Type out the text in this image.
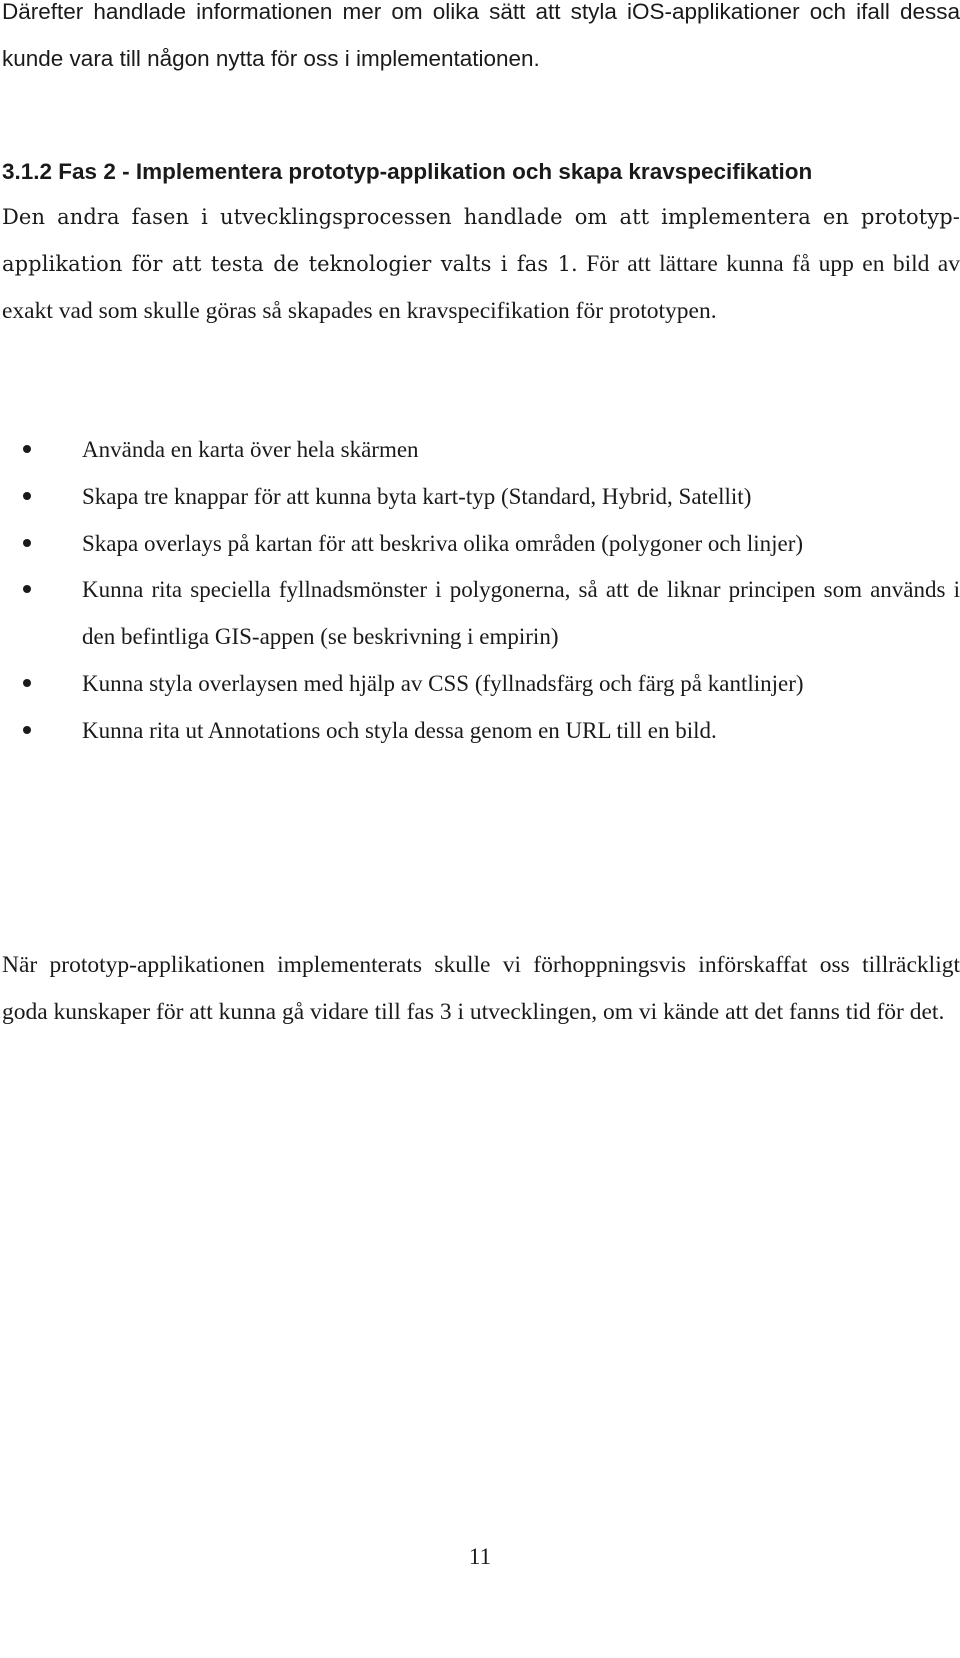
Därefter handlade informationen mer om olika sätt att styla iOS-applikationer och ifall dessa kunde vara till någon nytta för oss i implementationen.

3.1.2 Fas 2 - Implementera prototyp-applikation och skapa kravspecifikation

Den andra fasen i utvecklingsprocessen handlade om att implementera en prototyp-applikation för att testa de teknologier valts i fas 1. För att lättare kunna få upp en bild av exakt vad som skulle göras så skapades en kravspecifikation för prototypen.

Använda en karta över hela skärmen
Skapa tre knappar för att kunna byta kart-typ (Standard, Hybrid, Satellit)
Skapa overlays på kartan för att beskriva olika områden (polygoner och linjer)
Kunna rita speciella fyllnadsmönster i polygonerna, så att de liknar principen som används i den befintliga GIS-appen (se beskrivning i empirin)
Kunna styla overlaysen med hjälp av CSS (fyllnadsfärg och färg på kantlinjer)
Kunna rita ut Annotations och styla dessa genom en URL till en bild.

När prototyp-applikationen implementerats skulle vi förhoppningsvis införskaffat oss tillräckligt goda kunskaper för att kunna gå vidare till fas 3 i utvecklingen, om vi kände att det fanns tid för det.

11
